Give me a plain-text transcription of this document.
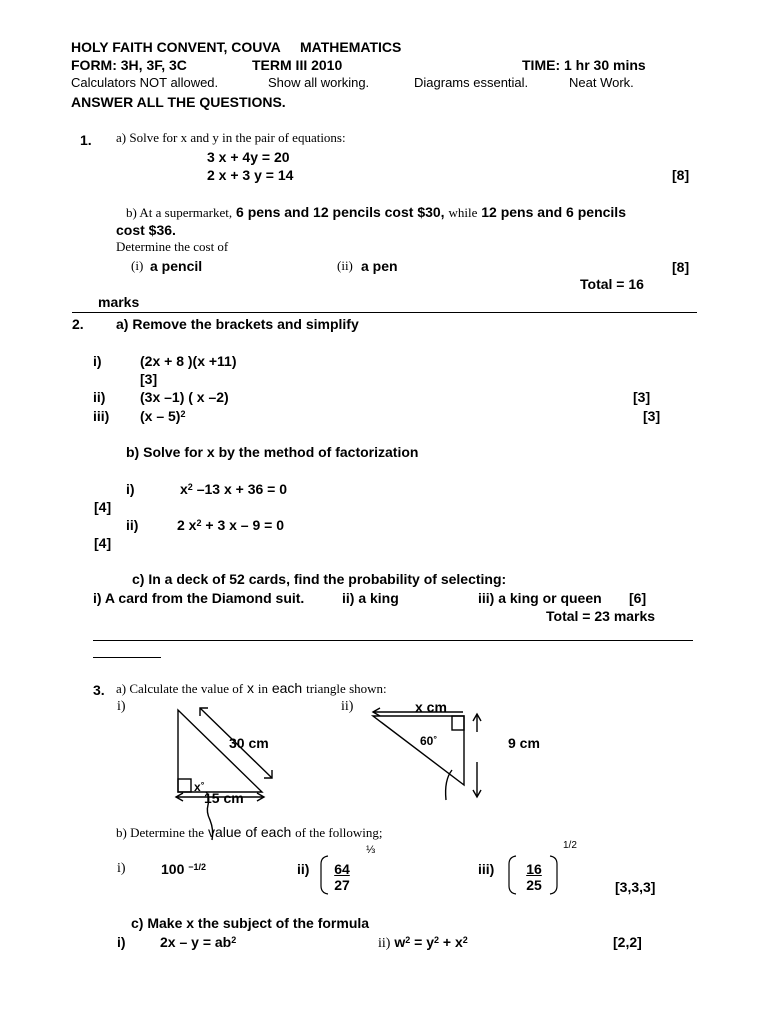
HOLY FAITH CONVENT, COUVA MATHEMATICS
FORM: 3H, 3F, 3C	TERM III 2010	TIME: 1 hr 30 mins
Calculators NOT allowed.	Show all working.	Diagrams essential.	Neat Work.
ANSWER ALL THE QUESTIONS.
1. a) Solve for x and y in the pair of equations:
3 x + 4y = 20
2 x + 3 y = 14	[8]
b) At a supermarket, 6 pens and 12 pencils cost $30, while 12 pens and 6 pencils
cost $36.
Determine the cost of
(i) a pencil	(ii) a pen	[8]
Total = 16
marks
2. a) Remove the brackets and simplify
i)	(2x + 8 )(x +11)
[3]
ii) (3x –1) ( x –2)	[3]
iii) (x – 5)$^2$	[3]
b) Solve for x by the method of factorization
i)	$x^2$ –13 x + 36 = 0
[4]
ii)	2 $x^2 + 3$ x – 9 = 0
[4]
c) In a deck of 52 cards, find the probability of selecting:
i) A card from the Diamond suit.	ii) a king	iii) a king or queen [6]
Total = 23 marks
3. a) Calculate the value of x in each triangle shown:
i)	ii)
30 cm
15 cm
x°
x cm
60°	9 cm
b) Determine the value of each of the following;
⅓	1/2
i)	100 $^{-1/2}$	$ii) \frac{64}{27}$	$iii) \frac{16}{25}$	[3,3,3]
c) Make x the subject of the formula
i) $2x - y = ab^2$	ii) $w^2 = y^2 + x^2$	[2,2]
